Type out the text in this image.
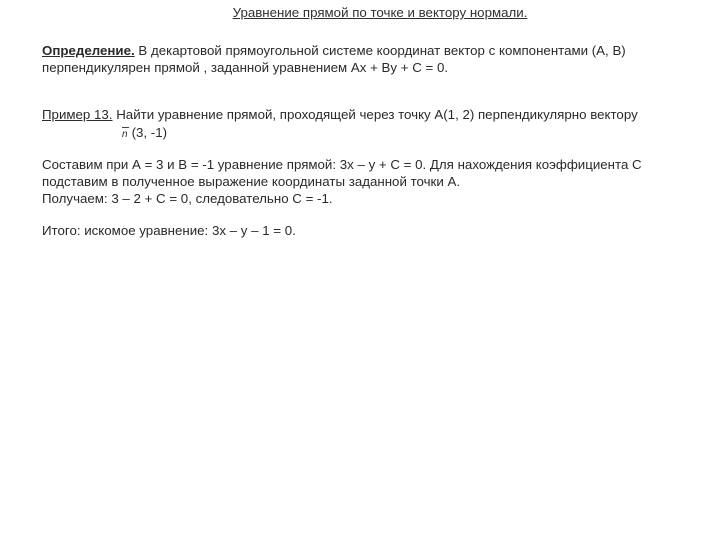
Уравнение прямой по точке и вектору нормали.

Определение. В декартовой прямоугольной системе координат вектор с компонентами (A, B)

перпендикулярен прямой , заданной уравнением Ax + By + C = 0.

Пример 13. Найти уравнение прямой, проходящей через точку А(1, 2) перпендикулярно вектору

n (3, -1)

Составим при А = 3 и В = -1 уравнение прямой: 3х – у + С = 0. Для нахождения коэффициента С

подставим в полученное выражение координаты заданной точки А.

Получаем: 3 – 2 + C = 0, следовательно С = -1.

Итого: искомое уравнение: 3х – у – 1 = 0.
